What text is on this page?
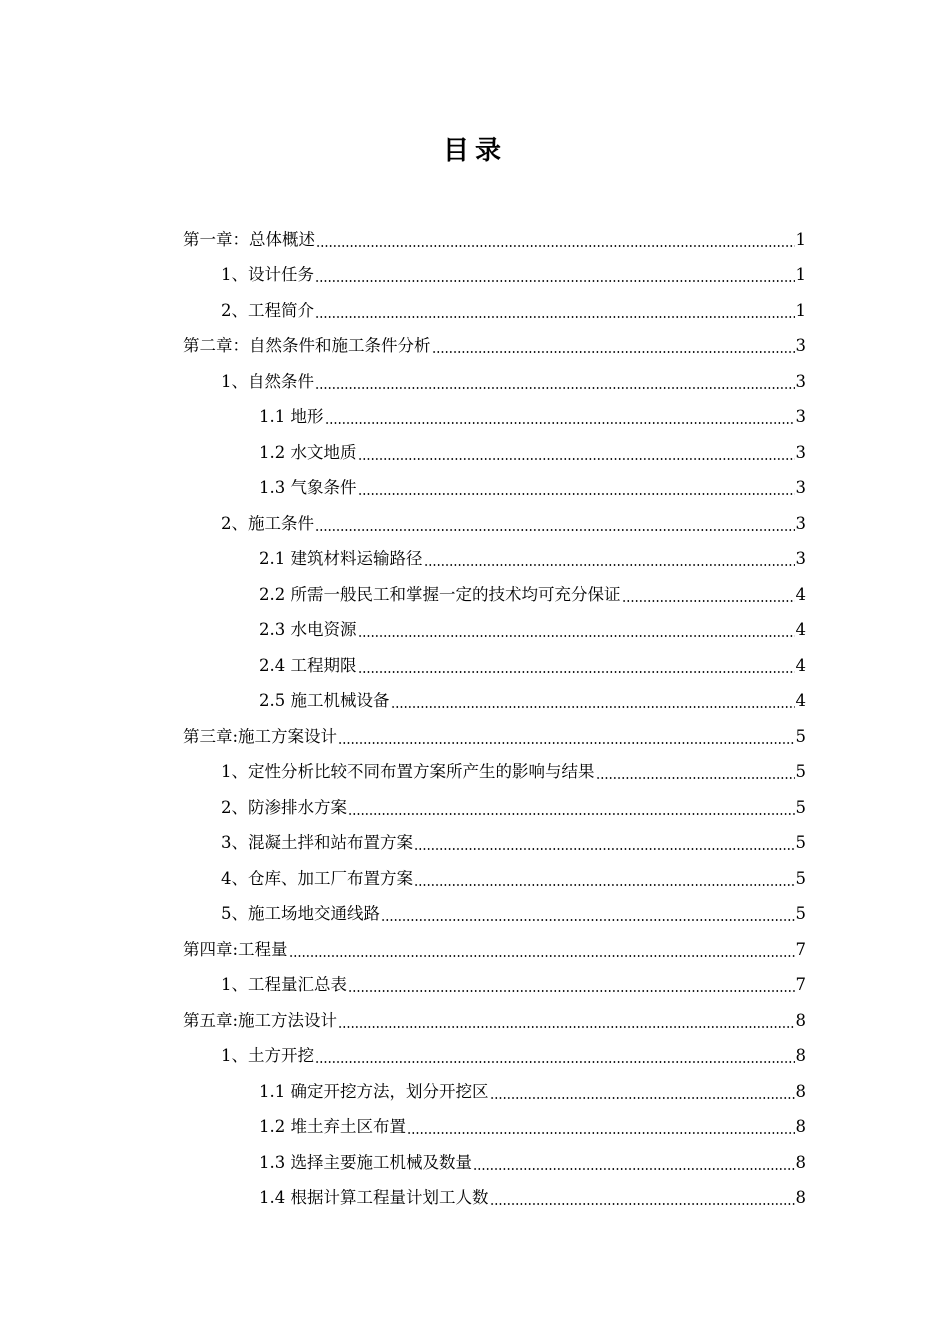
目录
第一章：总体概述	1
1、设计任务	1
2、工程简介	1
第二章：自然条件和施工条件分析	3
1、自然条件	3
1.1 地形	3
1.2 水文地质	3
1.3 气象条件	3
2、施工条件	3
2.1 建筑材料运输路径	3
2.2 所需一般民工和掌握一定的技术均可充分保证	4
2.3 水电资源	4
2.4 工程期限	4
2.5 施工机械设备	4
第三章:施工方案设计	5
1、定性分析比较不同布置方案所产生的影响与结果	5
2、防渗排水方案	5
3、混凝土拌和站布置方案	5
4、仓库、加工厂布置方案	5
5、施工场地交通线路	5
第四章:工程量	7
1、工程量汇总表	7
第五章:施工方法设计	8
1、土方开挖	8
1.1 确定开挖方法，划分开挖区	8
1.2 堆土弃土区布置	8
1.3 选择主要施工机械及数量	8
1.4 根据计算工程量计划工人数	8
